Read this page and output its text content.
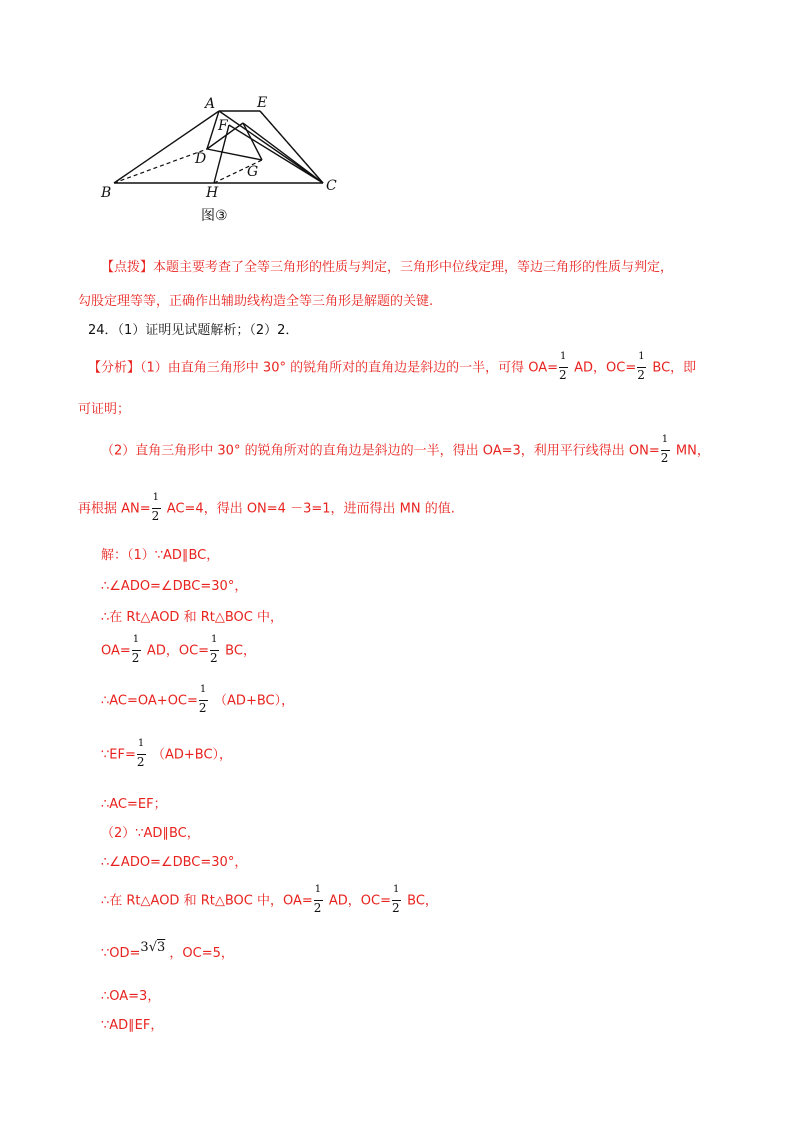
A	E
F
D
G
B	H	C
图③
【点拨】本题主要考查了全等三角形的性质与判定，三角形中位线定理，等边三角形的性质与判定，
勾股定理等等，正确作出辅助线构造全等三角形是解题的关键.
24．（1）证明见试题解析；（2）2．
【分析】（1）由直角三角形中 30° 的锐角所对的直角边是斜边的一半，可得 $OA= \frac{1}{2}$ AD，$OC= \frac{1}{2}$ BC，即
可证明；
（2）直角三角形中 30° 的锐角所对的直角边是斜边的一半，得出 OA=3，利用平行线得出 $ON= \frac{1}{2}$ MN，
再根据 $AN= \frac{1}{2} AC=4$，得出 ON=4 －3=1，进而得出 MN 的值.
解：（1）∵AD∥BC，
∴∠ADO=∠DBC=30°，
∴在 Rt△AOD 和 Rt△BOC 中，
$OA= \frac{1}{2}$ AD，$OC= \frac{1}{2}$ BC，
∴AC=OA+OC= $\frac{1}{2} (AD+BC)$，
∵EF= $\frac{1}{2} (AD+BC)$，
∴AC=EF；
（2）∵AD∥BC，
∴∠ADO=∠DBC=30°，
∴在 Rt△AOD 和 Rt△BOC 中，$OA= \frac{1}{2}$ AD，$OC= \frac{1}{2}$ BC，
∵OD=3√3 ，OC=5，
∴OA=3，
∵AD∥EF，
